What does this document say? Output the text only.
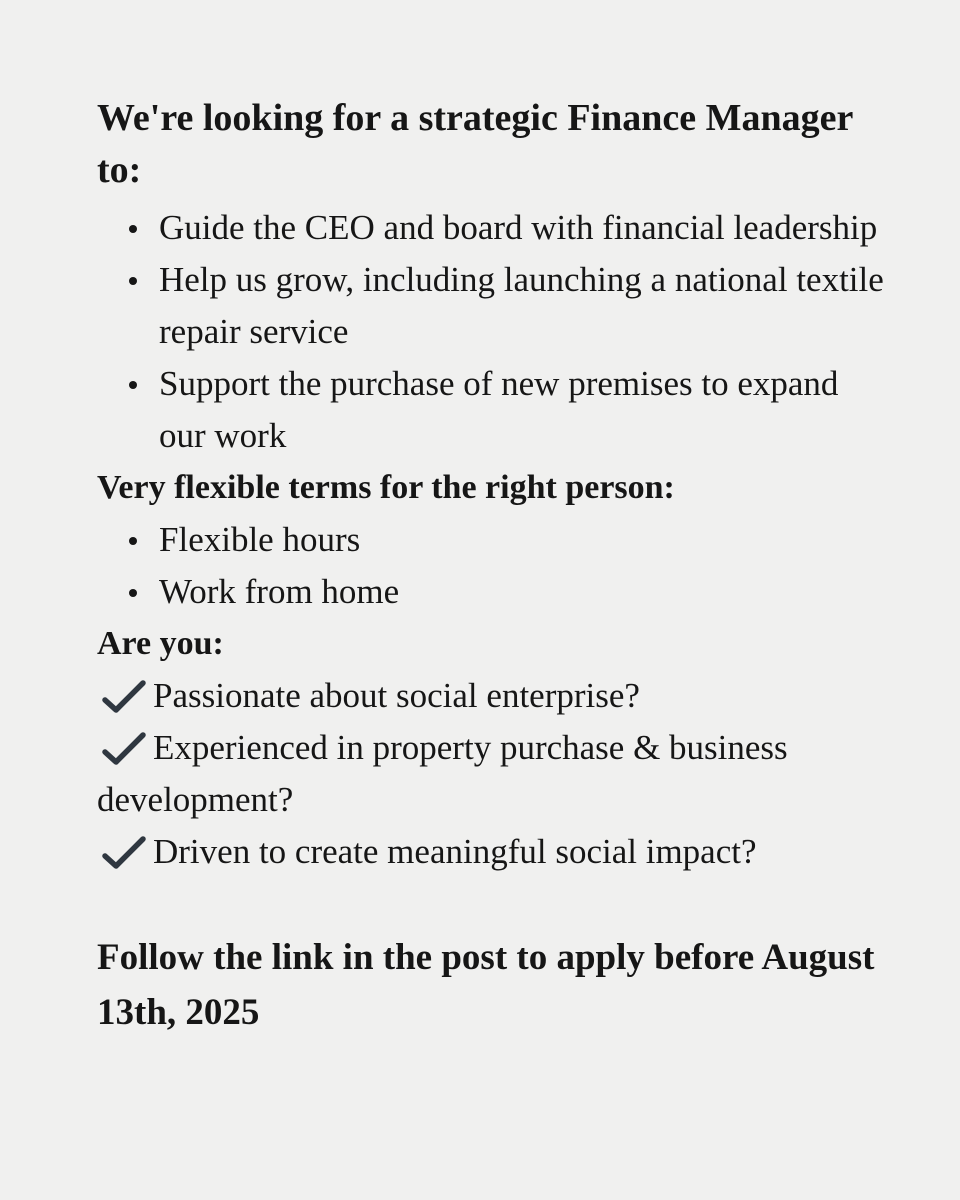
We're looking for a strategic Finance Manager to:

Guide the CEO and board with financial leadership
Help us grow, including launching a national textile repair service
Support the purchase of new premises to expand our work

Very flexible terms for the right person:

Flexible hours
Work from home

Are you:

Passionate about social enterprise?
Experienced in property purchase & business development?
Driven to create meaningful social impact?

Follow the link in the post to apply before August 13th, 2025
